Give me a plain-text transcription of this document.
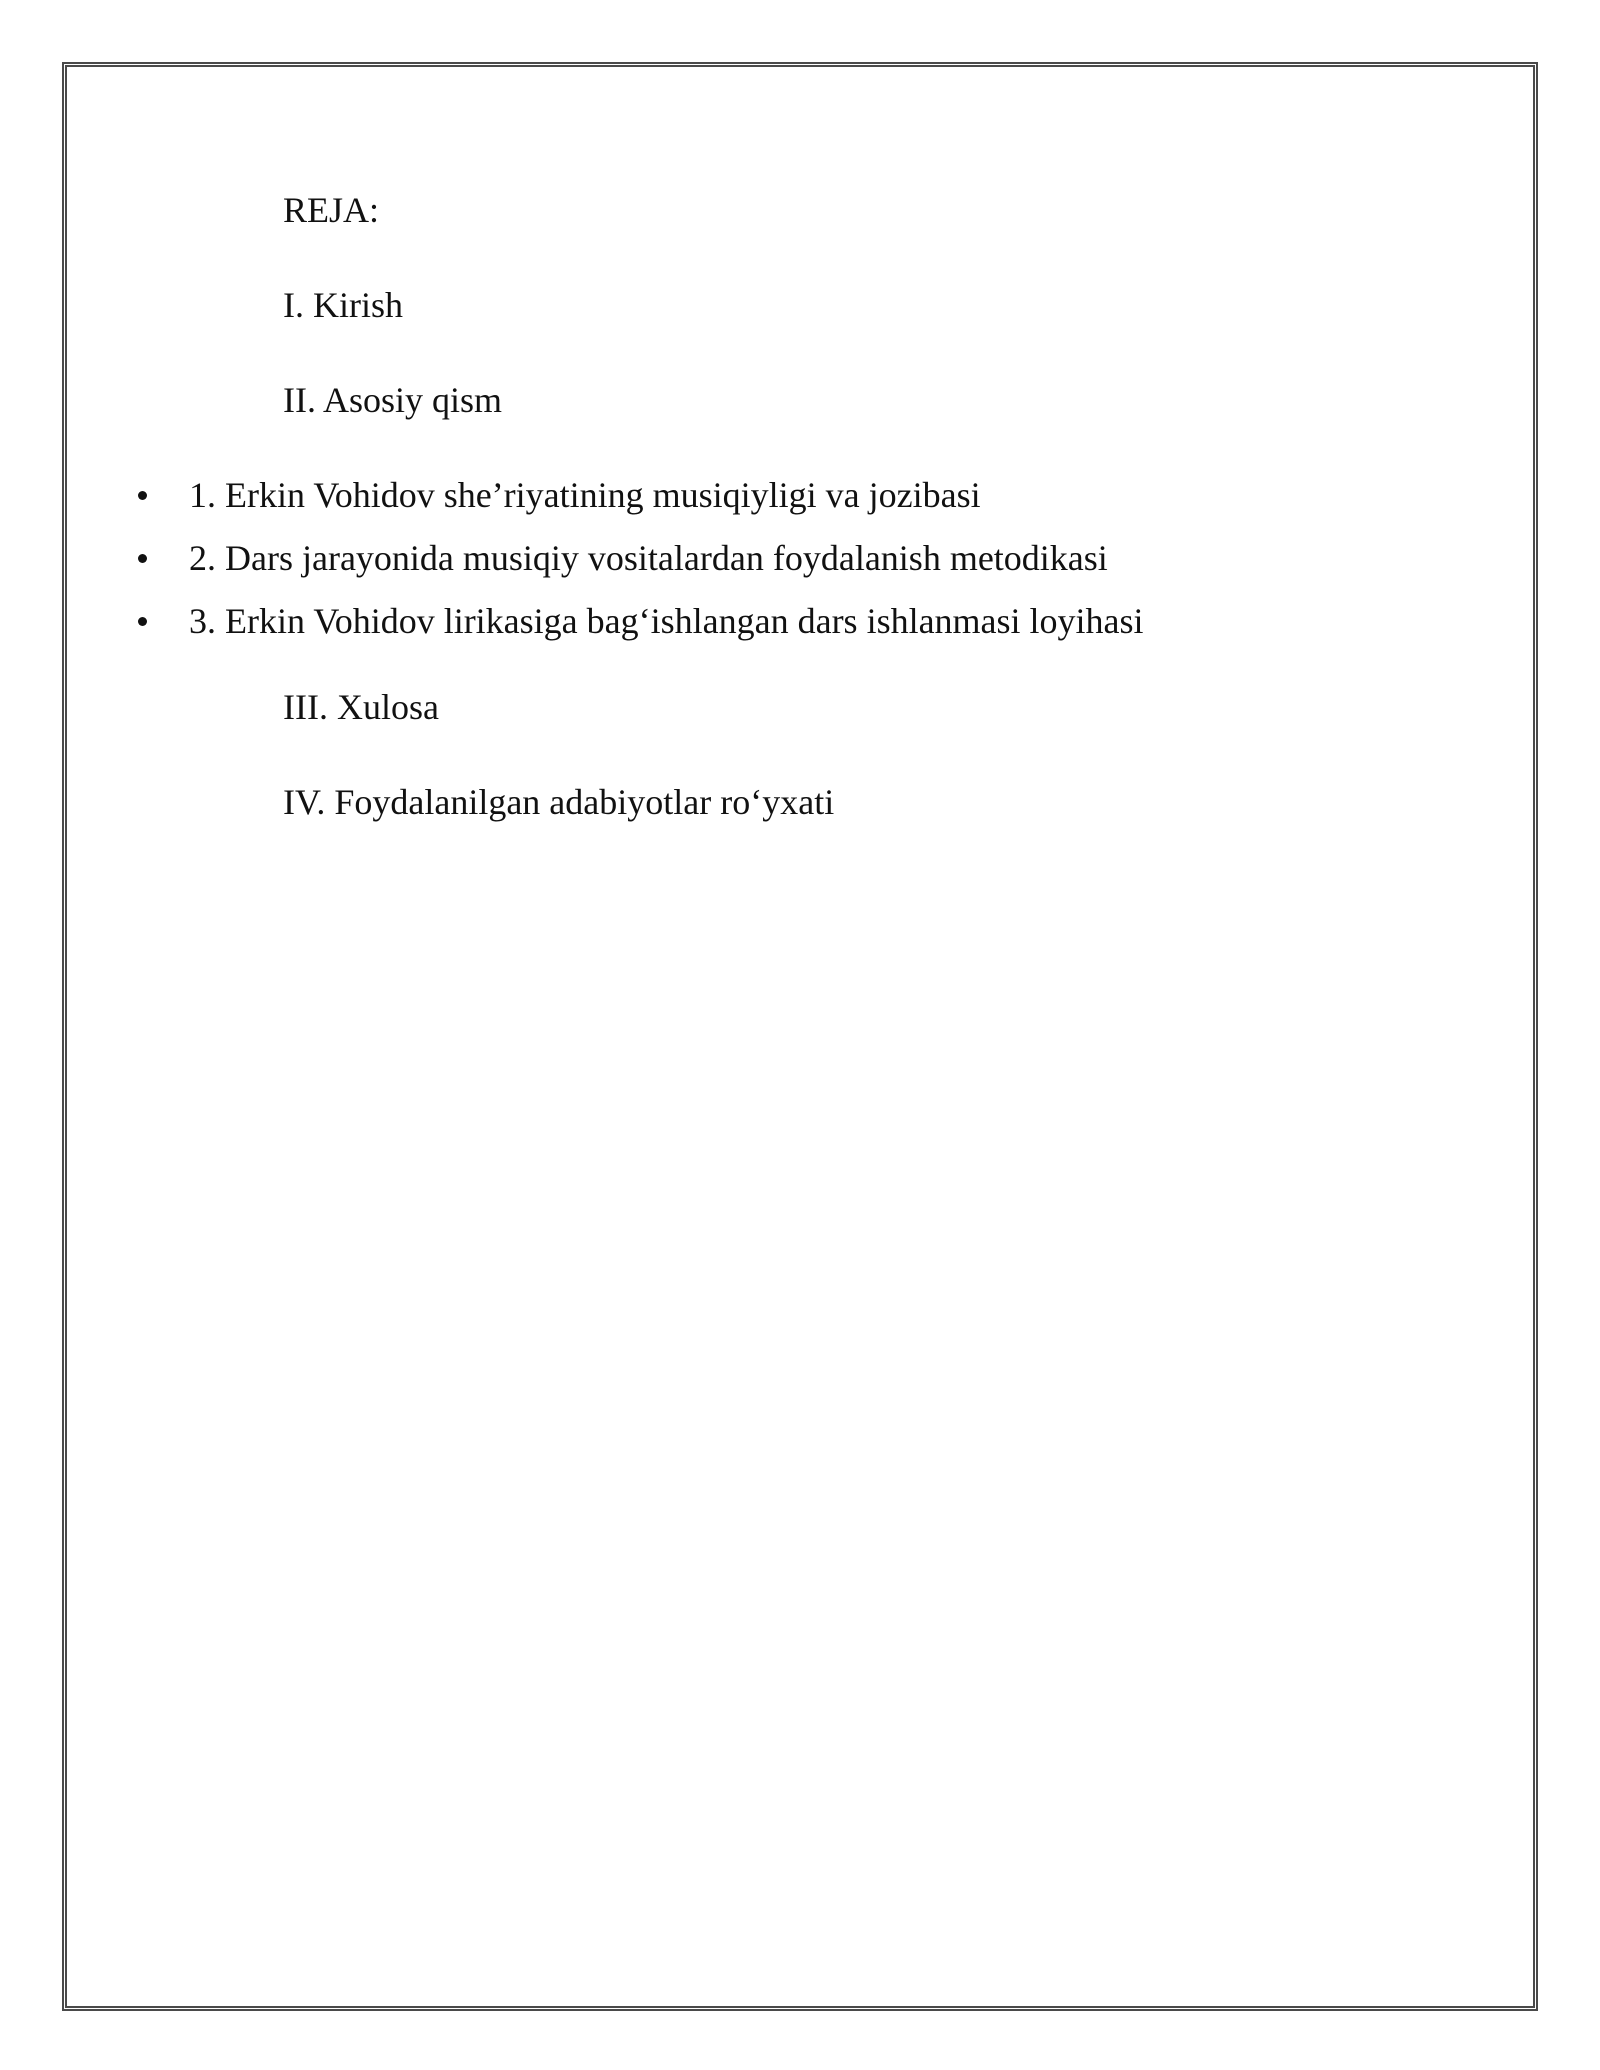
REJA:
I. Kirish
II. Asosiy qism
1. Erkin Vohidov she’riyatining musiqiyligi va jozibasi
2. Dars jarayonida musiqiy vositalardan foydalanish metodikasi
3. Erkin Vohidov lirikasiga bag‘ishlangan dars ishlanmasi loyihasi
III. Xulosa
IV. Foydalanilgan adabiyotlar ro‘yxati
